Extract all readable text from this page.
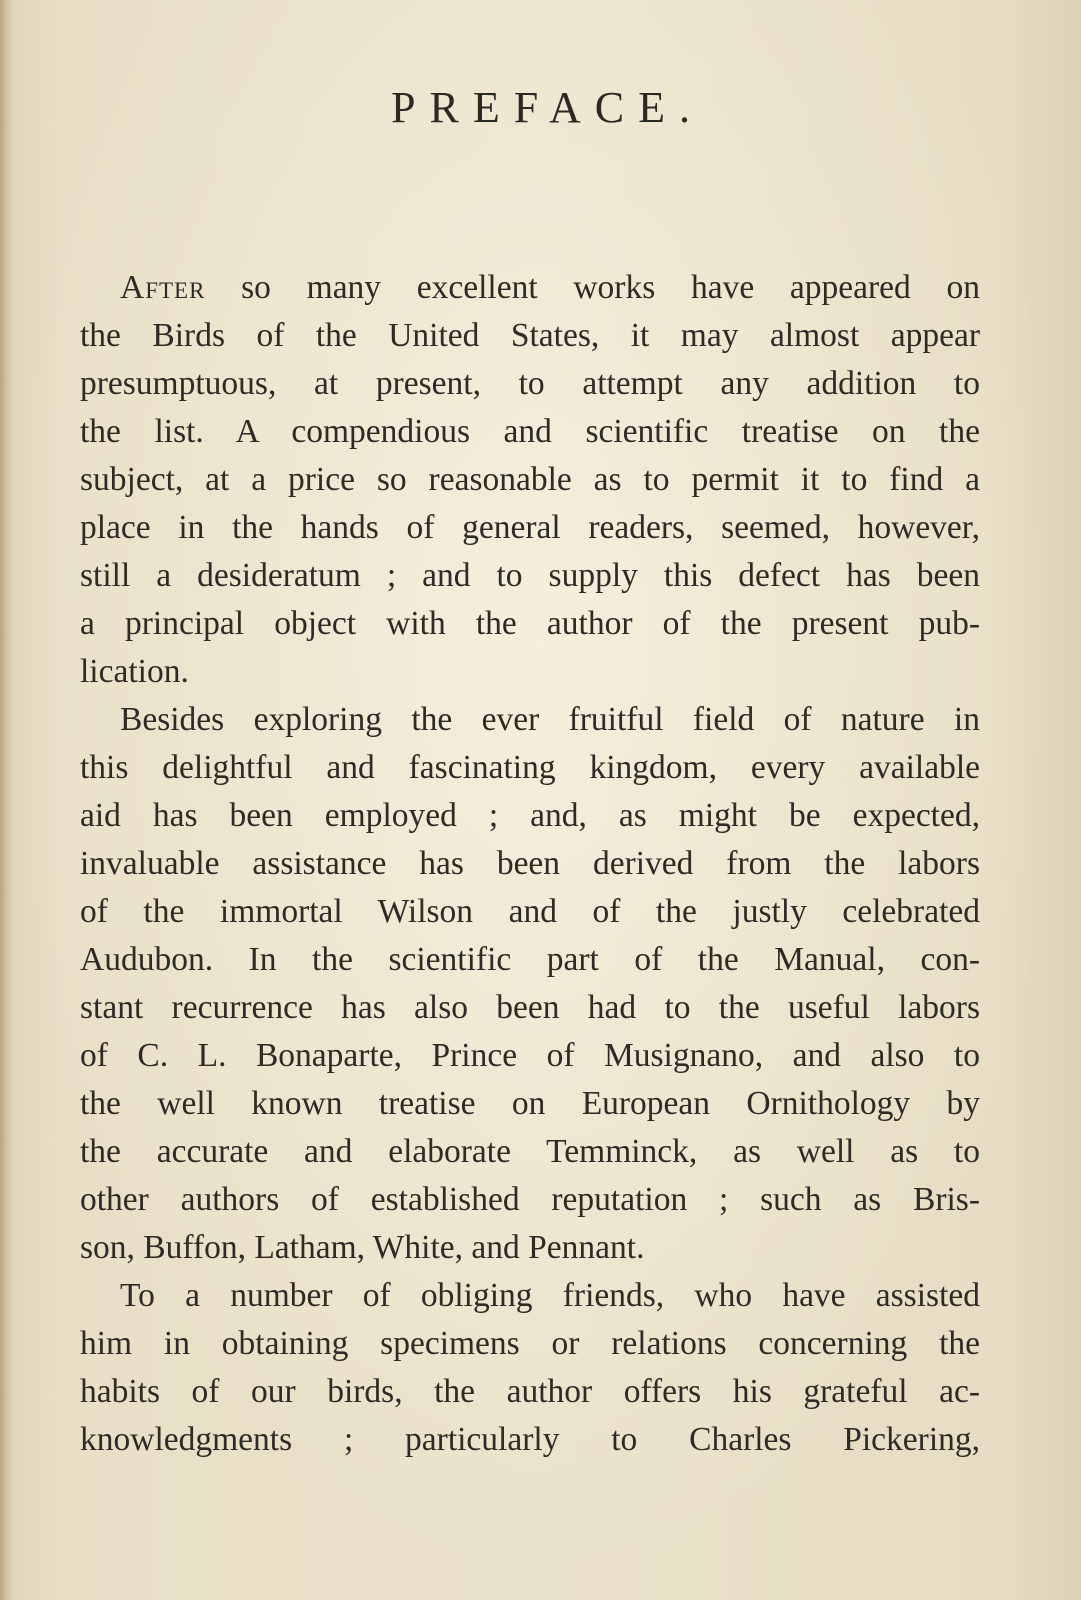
PREFACE.
After so many excellent works have appeared on
the Birds of the United States, it may almost appear
presumptuous, at present, to attempt any addition to
the list. A compendious and scientific treatise on the
subject, at a price so reasonable as to permit it to find a
place in the hands of general readers, seemed, however,
still a desideratum ; and to supply this defect has been
a principal object with the author of the present pub-
lication.
Besides exploring the ever fruitful field of nature in
this delightful and fascinating kingdom, every available
aid has been employed ; and, as might be expected,
invaluable assistance has been derived from the labors
of the immortal Wilson and of the justly celebrated
Audubon. In the scientific part of the Manual, con-
stant recurrence has also been had to the useful labors
of C. L. Bonaparte, Prince of Musignano, and also to
the well known treatise on European Ornithology by
the accurate and elaborate Temminck, as well as to
other authors of established reputation ; such as Bris-
son, Buffon, Latham, White, and Pennant.
To a number of obliging friends, who have assisted
him in obtaining specimens or relations concerning the
habits of our birds, the author offers his grateful ac-
knowledgments ; particularly to Charles Pickering,
